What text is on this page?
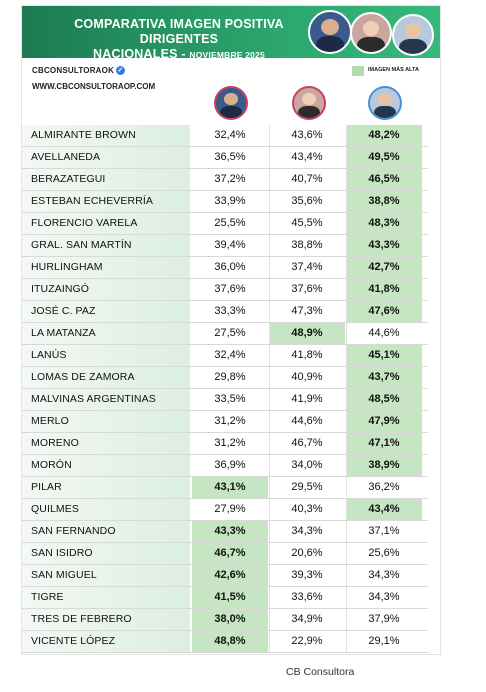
COMPARATIVA IMAGEN POSITIVA DIRIGENTES
NACIONALES - NOVIEMBRE 2025
CBCONSULTORAOK ✓
WWW.CBCONSULTORAOP.COM
IMAGEN MÁS ALTA
ALMIRANTE BROWN	32,4%	43,6%	48,2%
AVELLANEDA	36,5%	43,4%	49,5%
BERAZATEGUI	37,2%	40,7%	46,5%
ESTEBAN ECHEVERRÍA	33,9%	35,6%	38,8%
FLORENCIO VARELA	25,5%	45,5%	48,3%
GRAL. SAN MARTÍN	39,4%	38,8%	43,3%
HURLINGHAM	36,0%	37,4%	42,7%
ITUZAINGÓ	37,6%	37,6%	41,8%
JOSÉ C. PAZ	33,3%	47,3%	47,6%
LA MATANZA	27,5%	48,9%	44,6%
LANÚS	32,4%	41,8%	45,1%
LOMAS DE ZAMORA	29,8%	40,9%	43,7%
MALVINAS ARGENTINAS	33,5%	41,9%	48,5%
MERLO	31,2%	44,6%	47,9%
MORENO	31,2%	46,7%	47,1%
MORÓN	36,9%	34,0%	38,9%
PILAR	43,1%	29,5%	36,2%
QUILMES	27,9%	40,3%	43,4%
SAN FERNANDO	43,3%	34,3%	37,1%
SAN ISIDRO	46,7%	20,6%	25,6%
SAN MIGUEL	42,6%	39,3%	34,3%
TIGRE	41,5%	33,6%	34,3%
TRES DE FEBRERO	38,0%	34,9%	37,9%
VICENTE LÓPEZ	48,8%	22,9%	29,1%
CB Consultora
